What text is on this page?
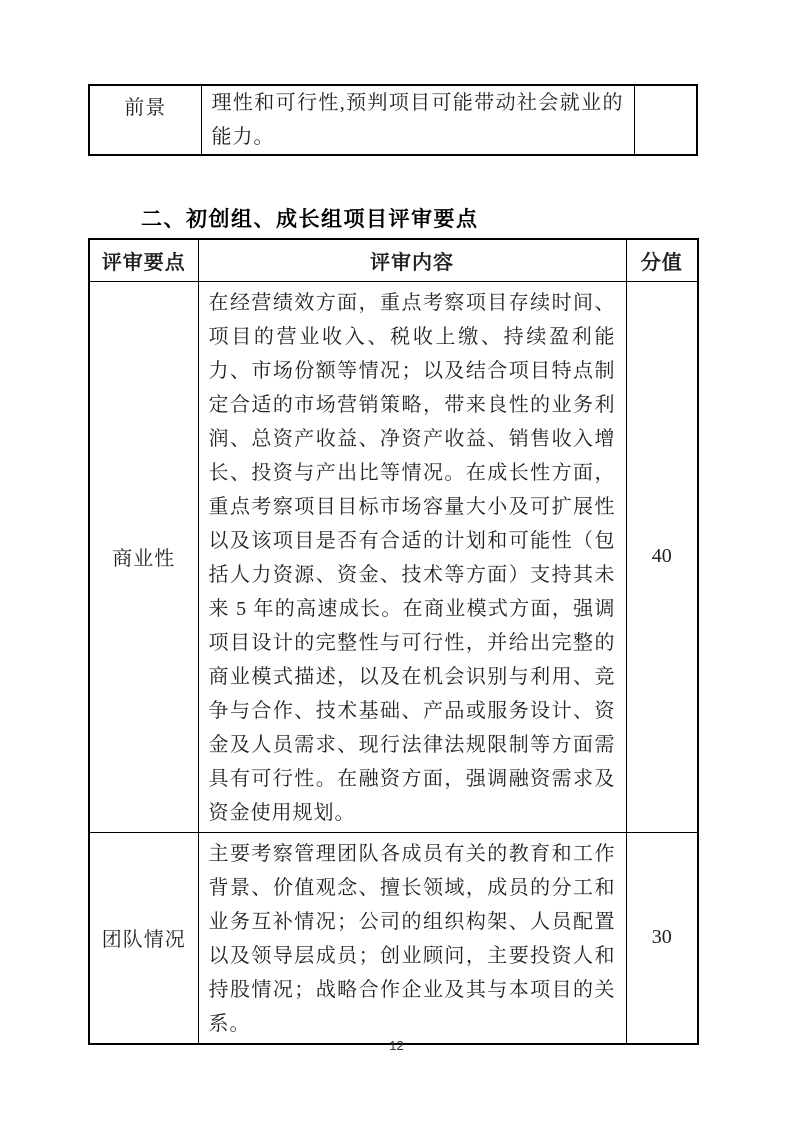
前景	理性和可行性,预判项目可能带动社会就业的能力。	
二、初创组、成长组项目评审要点
评审要点	评审内容	分值
商业性	在经营绩效方面，重点考察项目存续时间、项目的营业收入、税收上缴、持续盈利能力、市场份额等情况；以及结合项目特点制定合适的市场营销策略，带来良性的业务利润、总资产收益、净资产收益、销售收入增长、投资与产出比等情况。在成长性方面，重点考察项目目标市场容量大小及可扩展性以及该项目是否有合适的计划和可能性（包括人力资源、资金、技术等方面）支持其未来 5 年的高速成长。在商业模式方面，强调项目设计的完整性与可行性，并给出完整的商业模式描述，以及在机会识别与利用、竞争与合作、技术基础、产品或服务设计、资金及人员需求、现行法律法规限制等方面需具有可行性。在融资方面，强调融资需求及资金使用规划。	40
团队情况	主要考察管理团队各成员有关的教育和工作背景、价值观念、擅长领域，成员的分工和业务互补情况；公司的组织构架、人员配置以及领导层成员；创业顾问，主要投资人和持股情况；战略合作企业及其与本项目的关系。	30
12
